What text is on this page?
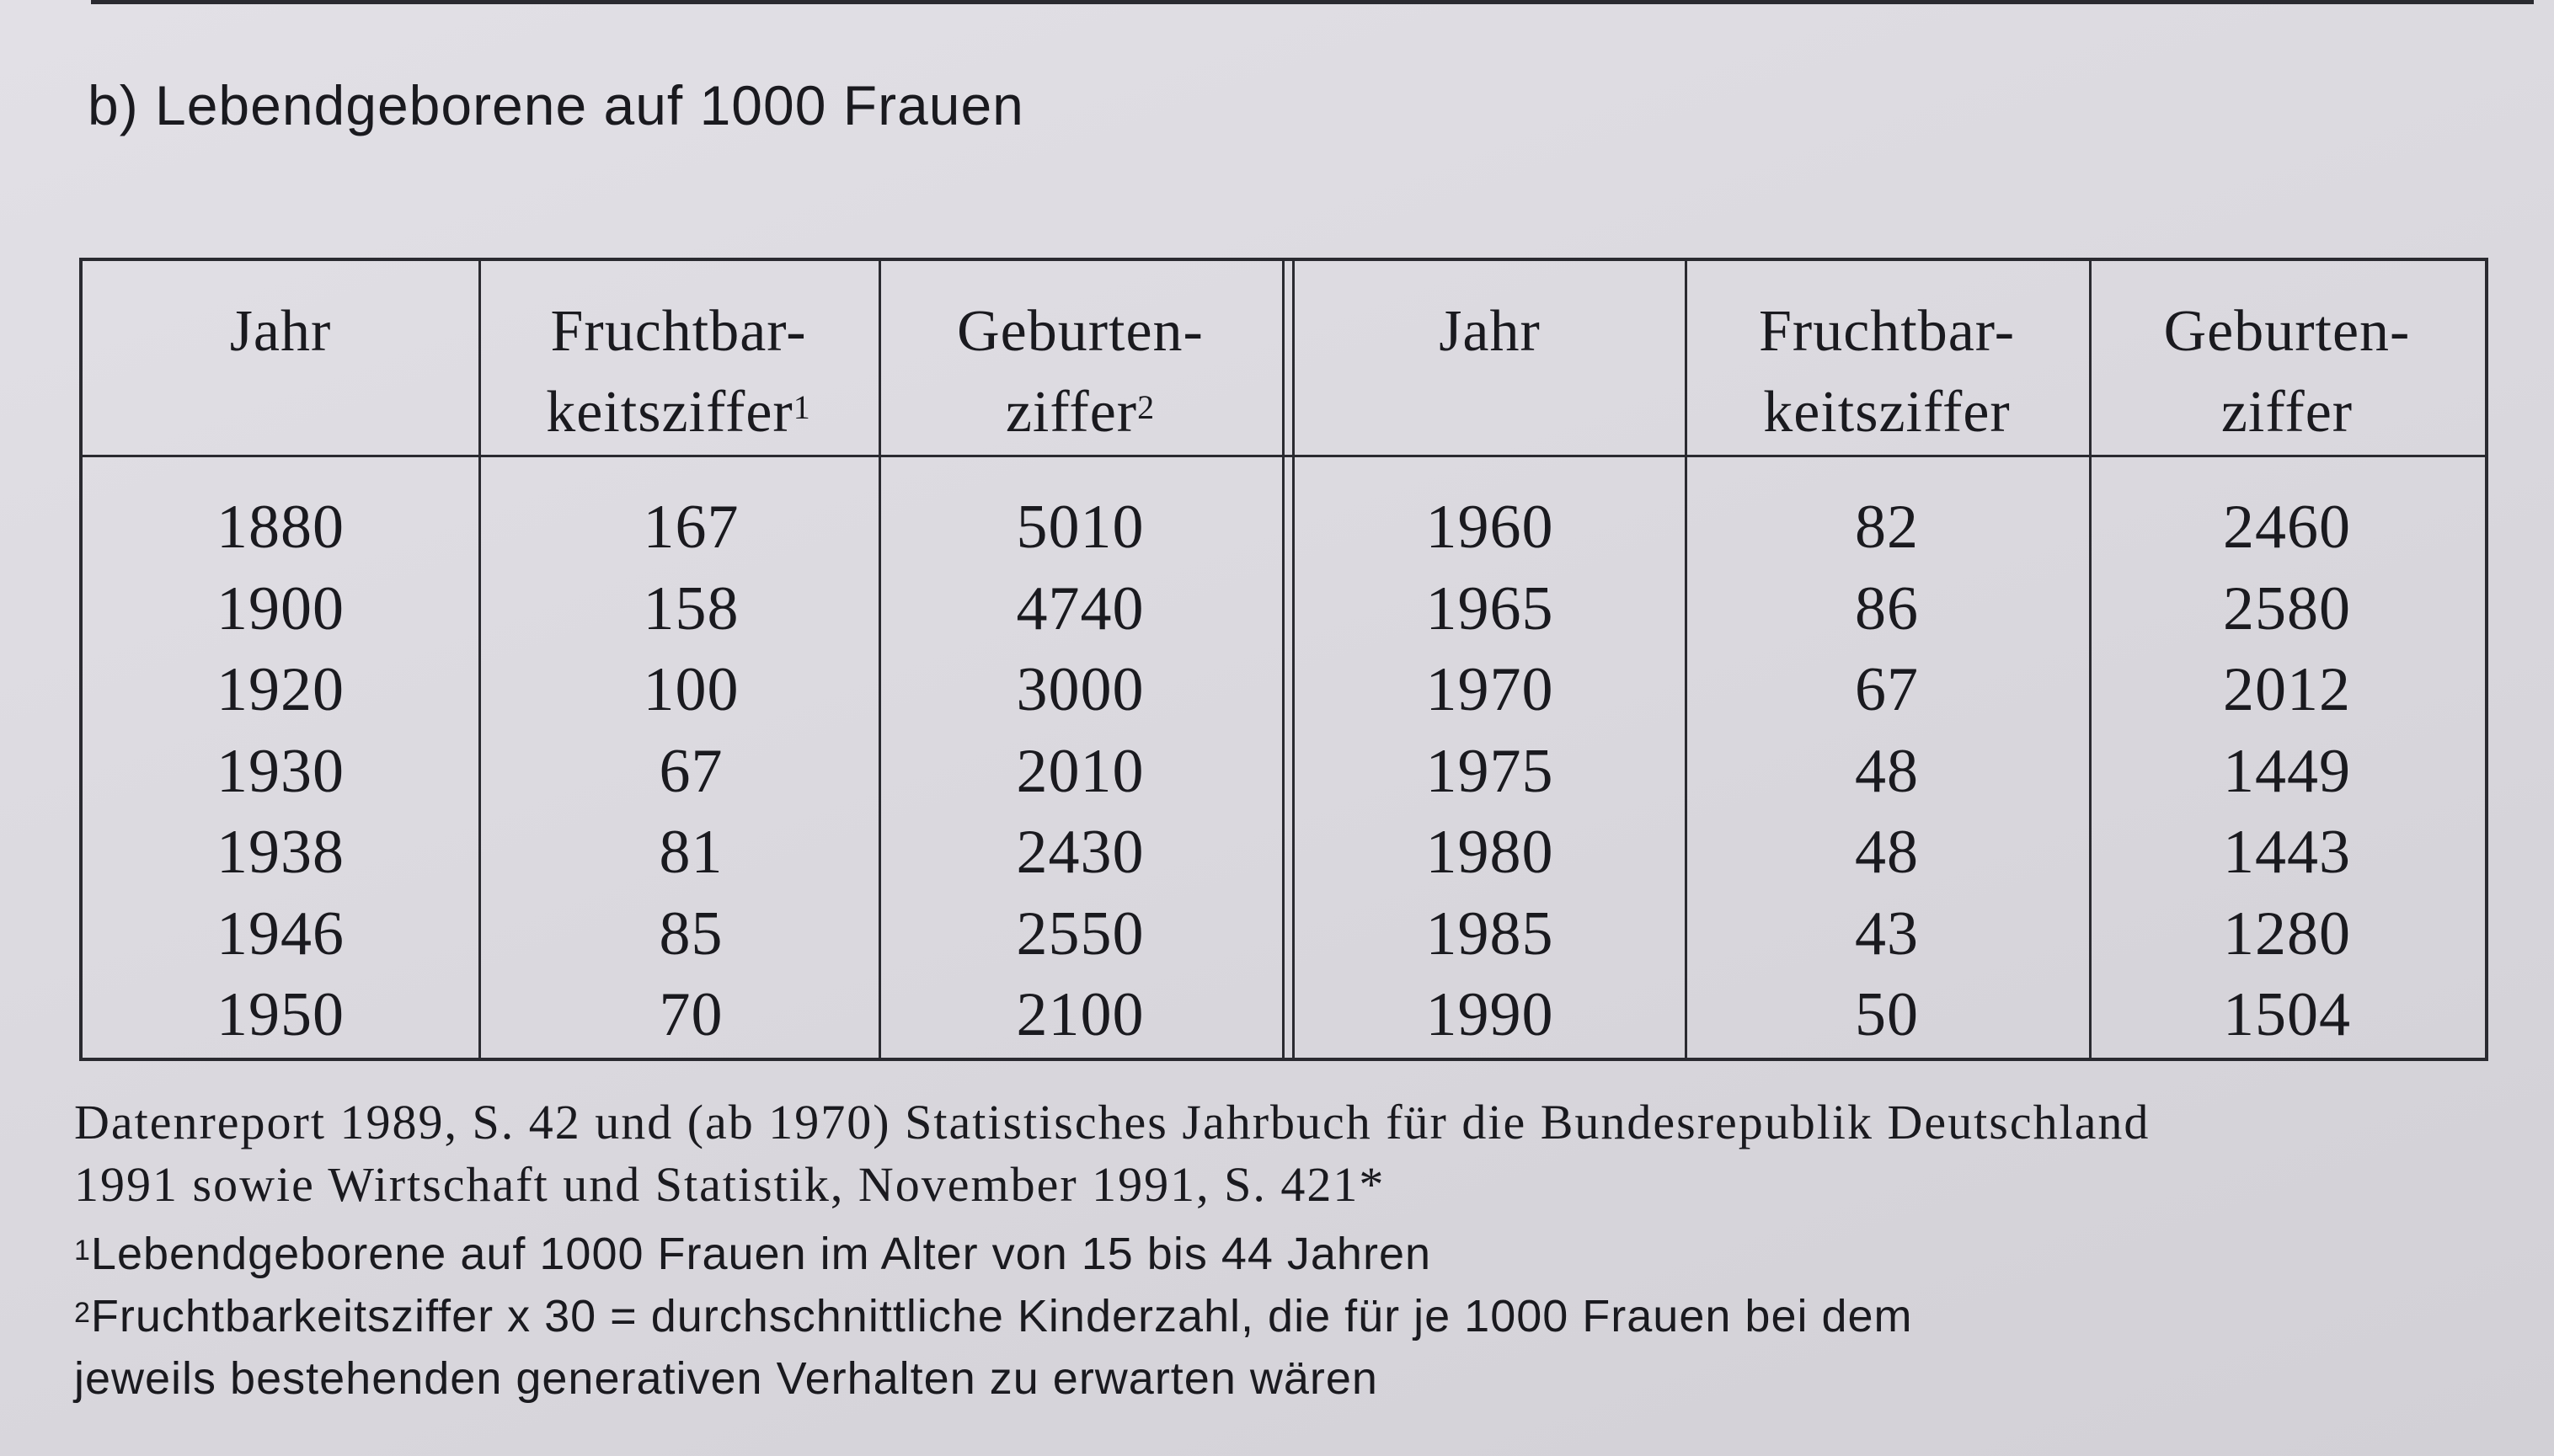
b) Lebendgeborene auf 1000 Frauen
Jahr
1880
1900
1920
1930
1938
1946
1950
Fruchtbar-
keitsziffer$^1$
167
158
100
67
81
85
70
Geburten-
ziffer$^2$
5010
4740
3000
2010
2430
2550
2100
Jahr
1960
1965
1970
1975
1980
1985
1990
Fruchtbar-
keitsziffer
82
86
67
48
48
43
50
Geburten-
ziffer
2460
2580
2012
1449
1443
1280
1504

Datenreport 1989, S. 42 und (ab 1970) Statistisches Jahrbuch für die Bundesrepublik Deutschland
1991 sowie Wirtschaft und Statistik, November 1991, S. 421*

$^1$Lebendgeborene auf 1000 Frauen im Alter von 15 bis 44 Jahren

$^2$Fruchtbarkeitsziffer x 30 = durchschnittliche Kinderzahl, die für je 1000 Frauen bei dem
jeweils bestehenden generativen Verhalten zu erwarten wären
